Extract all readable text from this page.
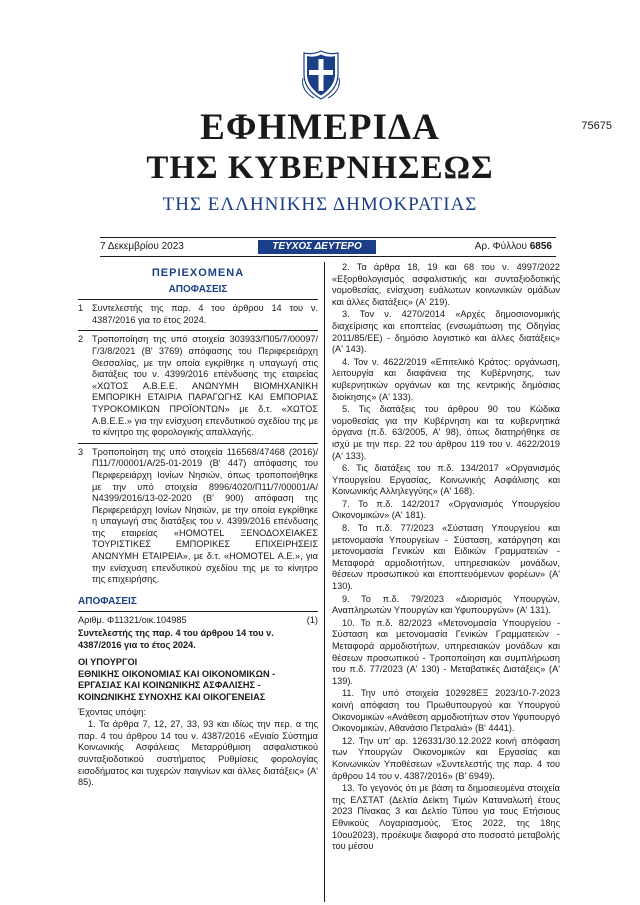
75675
ΕΦΗΜΕΡΙΔΑ
ΤΗΣ ΚΥΒΕΡΝΗΣΕΩΣ
ΤΗΣ ΕΛΛΗΝΙΚΗΣ ΔΗΜΟΚΡΑΤΙΑΣ
7 Δεκεμβρίου 2023	ΤΕΥΧΟΣ ΔΕΥΤΕΡΟ	Αρ. Φύλλου 6856
ΠΕΡΙΕΧΟΜΕΝΑ
ΑΠΟΦΑΣΕΙΣ
1 Συντελεστής της παρ. 4 του άρθρου 14 του ν. 4387/2016 για το έτος 2024.
2 Τροποποίηση της υπό στοιχεία 303933/Π05/7/00097/Γ/3/8/2021 (Β' 3769) απόφασης του Περιφερειάρχη Θεσσαλίας, με την οποία εγκρίθηκε η υπαγωγή στις διατάξεις του ν. 4399/2016 επένδυσης της εταιρείας «ΧΩΤΟΣ Α.Β.Ε.Ε. ΑΝΩΝΥΜΗ ΒΙΟΜΗΧΑΝΙΚΗ ΕΜΠΟΡΙΚΗ ΕΤΑΙΡΙΑ ΠΑΡΑΓΩΓΗΣ ΚΑΙ ΕΜΠΟΡΙΑΣ ΤΥΡΟΚΟΜΙΚΩΝ ΠΡΟΪΟΝΤΩΝ» με δ.τ. «ΧΩΤΟΣ Α.Β.Ε.Ε.» για την ενίσχυση επενδυτικού σχεδίου της με το κίνητρο της φορολογικής απαλλαγής.
3 Τροποποίηση της υπό στοιχεία 116568/47468 (2016)/Π11/7/00001/Α/25-01-2019 (Β' 447) απόφασης του Περιφερειάρχη Ιονίων Νησιών, όπως τροποποιήθηκε με την υπό στοιχεία 8996/4020/Π11/7/00001/Α/Ν4399/2016/13-02-2020 (Β' 900) απόφαση της Περιφερειάρχη Ιονίων Νησιών, με την οποία εγκρίθηκε η υπαγωγή στις διατάξεις του ν. 4399/2016 επένδυσης της εταιρείας «ΗΟΜΟΤΕL ΞΕΝΟΔΟΧΕΙΑΚΕΣ ΤΟΥΡΙΣΤΙΚΕΣ ΕΜΠΟΡΙΚΕΣ ΕΠΙΧΕΙΡΗΣΕΙΣ ΑΝΩΝΥΜΗ ΕΤΑΙΡΕΙΑ», με δ.τ. «ΗΟΜΟΤΕL Α.Ε.», για την ενίσχυση επενδυτικού σχεδίου της με το κίνητρο της επιχειρήσης.
ΑΠΟΦΑΣΕΙΣ
Αριθμ. Φ11321/οικ.104985	(1)
Συντελεστής της παρ. 4 του άρθρου 14 του ν. 4387/2016 για το έτος 2024.
ΟΙ ΥΠΟΥΡΓΟΙ
ΕΘΝΙΚΗΣ ΟΙΚΟΝΟΜΙΑΣ ΚΑΙ ΟΙΚΟΝΟΜΙΚΩΝ - ΕΡΓΑΣΙΑΣ ΚΑΙ ΚΟΙΝΩΝΙΚΗΣ ΑΣΦΑΛΙΣΗΣ - ΚΟΙΝΩΝΙΚΗΣ ΣΥΝΟΧΗΣ ΚΑΙ ΟΙΚΟΓΕΝΕΙΑΣ
Έχοντας υπόψη:

1. Τα άρθρα 7, 12, 27, 33, 93 και ιδίως την περ. α της παρ. 4 του άρθρου 14 του ν. 4387/2016 «Ενιαίο Σύστημα Κοινωνικής Ασφάλειας Μεταρρύθμιση ασφαλιστικού συνταξιοδοτικού συστήματος Ρυθμίσεις φορολογίας εισοδήματος και τυχερών παιγνίων και άλλες διατάξεις» (Α' 85).

2. Τα άρθρα 18, 19 και 68 του ν. 4997/2022 «Εξορθολογισμός ασφαλιστικής και συνταξιοδοτικής νομοθεσίας, ενίσχυση ευάλωτων κοινωνικών ομάδων και άλλες διατάξεις» (Α' 219).

3. Τον ν. 4270/2014 «Αρχές δημοσιονομικής διαχείρισης και εποπτείας (ενσωμάτωση της Οδηγίας 2011/85/ΕΕ) - δημόσιο λογιστικό και άλλες διατάξεις» (Α' 143).

4. Τον ν. 4622/2019 «Επιτελικό Κράτος: οργάνωση, λειτουργία και διαφάνεια της Κυβέρνησης, των κυβερνητικών οργάνων και της κεντρικής δημόσιας διοίκησης» (Α' 133).

5. Τις διατάξεις του άρθρου 90 του Κώδικα νομοθεσίας για την Κυβέρνηση και τα κυβερνητικά όργανα (π.δ. 63/2005, Α' 98), όπως διατηρήθηκε σε ισχύ με την περ. 22 του άρθρου 119 του ν. 4622/2019 (Α' 133).

6. Τις διατάξεις του π.δ. 134/2017 «Οργανισμός Υπουργείου Εργασίας, Κοινωνικής Ασφάλισης και Κοινωνικής Αλληλεγγύης» (Α' 168).

7. Το π.δ. 142/2017 «Οργανισμός Υπουργείου Οικονομικών» (Α' 181).

8. Το π.δ. 77/2023 «Σύσταση Υπουργείου και μετονομασία Υπουργείων - Σύσταση, κατάργηση και μετονομασία Γενικών και Ειδικών Γραμματειών - Μεταφορά αρμοδιοτήτων, υπηρεσιακών μονάδων, θέσεων προσωπικού και εποπτευόμενων φορέων» (Α' 130).

9. Το π.δ. 79/2023 «Διορισμός Υπουργών, Αναπληρωτών Υπουργών και Υφυπουργών» (Α' 131).

10. Το π.δ. 82/2023 «Μετονομασία Υπουργείου - Σύσταση και μετονομασία Γενικών Γραμματειών - Μεταφορά αρμοδιοτήτων, υπηρεσιακών μονάδων και θέσεων προσωπικού - Τροποποίηση και συμπλήρωση του π.δ. 77/2023 (Α' 130) - Μεταβατικές Διατάξεις» (Α' 139).

11. Την υπό στοιχεία 102928ΕΞ 2023/10-7-2023 κοινή απόφαση του Πρωθυπουργού και Υπουργού Οικονομικών «Ανάθεση αρμοδιοτήτων στον Υφυπουργό Οικονομικών, Αθανάσιο Πετραλιά» (Β' 4441).

12. Την υπ' αρ. 126331/30.12.2022 κοινή απόφαση των Υπουργών Οικονομικών και Εργασίας και Κοινωνικών Υποθέσεων «Συντελεστής της παρ. 4 του άρθρου 14 του ν. 4387/2016» (Β' 6949).

13. Το γεγονός ότι με βάση τα δημοσιευμένα στοιχεία της ΕΛΣΤΑΤ (Δελτία Δείκτη Τιμών Καταναλωτή έτους 2023 Πίνακας 3 και Δελτίο Τύπου για τους Ετήσιους Εθνικούς Λογαριασμούς, Έτος 2022, της 18ης 10ου2023), προέκυψε διαφορά στο ποσοστό μεταβολής του μέσου
